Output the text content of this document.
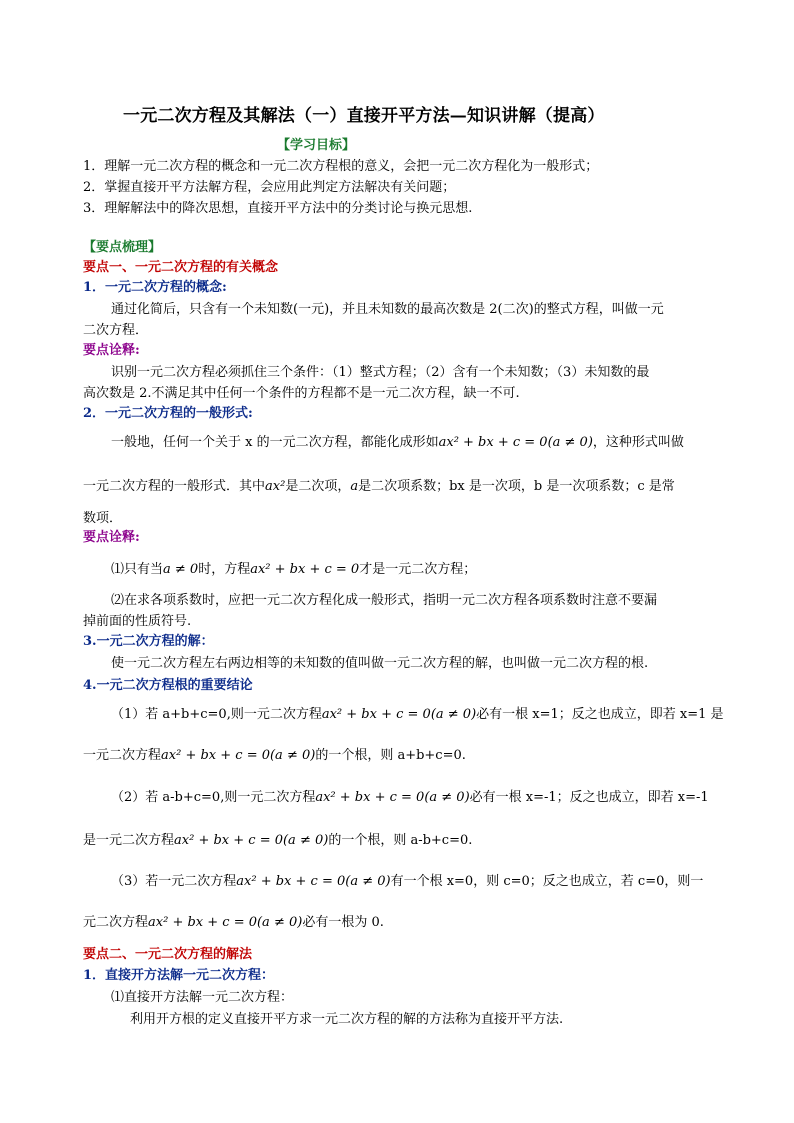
一元二次方程及其解法（一）直接开平方法—知识讲解（提高）
【学习目标】
1．理解一元二次方程的概念和一元二次方程根的意义，会把一元二次方程化为一般形式；
2．掌握直接开平方法解方程，会应用此判定方法解决有关问题；
3．理解解法中的降次思想，直接开平方法中的分类讨论与换元思想.
【要点梳理】
要点一、一元二次方程的有关概念
1．一元二次方程的概念:
通过化简后，只含有一个未知数(一元)，并且未知数的最高次数是 2(二次)的整式方程，叫做一元
二次方程．
要点诠释:
识别一元二次方程必须抓住三个条件：（1）整式方程；（2）含有一个未知数；（3）未知数的最
高次数是 2.不满足其中任何一个条件的方程都不是一元二次方程，缺一不可.
2．一元二次方程的一般形式:
一般地，任何一个关于 x 的一元二次方程，都能化成形如ax² + bx + c = 0(a ≠ 0)，这种形式叫做
一元二次方程的一般形式．其中ax²是二次项，a是二次项系数；bx 是一次项，b 是一次项系数；c 是常
数项．
要点诠释:
⑴只有当a ≠ 0时，方程ax² + bx + c = 0才是一元二次方程；
⑵在求各项系数时，应把一元二次方程化成一般形式，指明一元二次方程各项系数时注意不要漏
掉前面的性质符号.
3.一元二次方程的解：
使一元二次方程左右两边相等的未知数的值叫做一元二次方程的解，也叫做一元二次方程的根.
4.一元二次方程根的重要结论
（1）若 a+b+c=0,则一元二次方程ax² + bx + c = 0(a ≠ 0)必有一根 x=1；反之也成立，即若 x=1 是
一元二次方程ax² + bx + c = 0(a ≠ 0)的一个根，则 a+b+c=0.
（2）若 a-b+c=0,则一元二次方程ax² + bx + c = 0(a ≠ 0)必有一根 x=-1；反之也成立，即若 x=-1
是一元二次方程ax² + bx + c = 0(a ≠ 0)的一个根，则 a-b+c=0.
（3）若一元二次方程ax² + bx + c = 0(a ≠ 0)有一个根 x=0，则 c=0；反之也成立，若 c=0，则一
元二次方程ax² + bx + c = 0(a ≠ 0)必有一根为 0.
要点二、一元二次方程的解法
1．直接开方法解一元二次方程：
⑴直接开方法解一元二次方程：
利用开方根的定义直接开平方求一元二次方程的解的方法称为直接开平方法.
